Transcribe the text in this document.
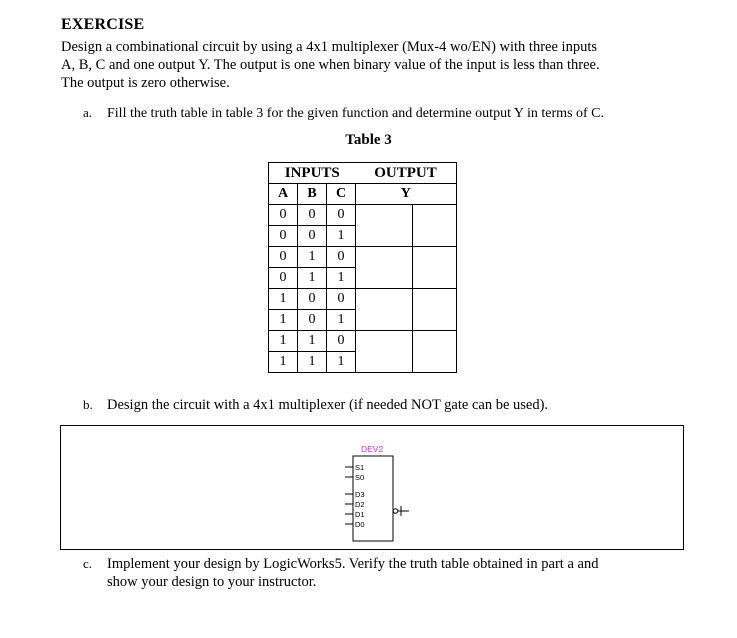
EXERCISE
Design a combinational circuit by using a 4x1 multiplexer (Mux-4 wo/EN) with three inputs
A, B, C and one output Y. The output is one when binary value of the input is less than three.
The output is zero otherwise.
a. Fill the truth table in table 3 for the given function and determine output Y in terms of C.
Table 3
INPUTS			OUTPUT
A	B	C	Y
0	0	0	

0	0	1	
0	1	0	

0	1	1	
1	0	0	

1	0	1	
1	1	0	

1	1	1	
b. Design the circuit with a 4x1 multiplexer (if needed NOT gate can be used).
DEV2
S1
S0
D3
D2
D1
D0
c. Implement your design by LogicWorks5. Verify the truth table obtained in part a and
show your design to your instructor.
